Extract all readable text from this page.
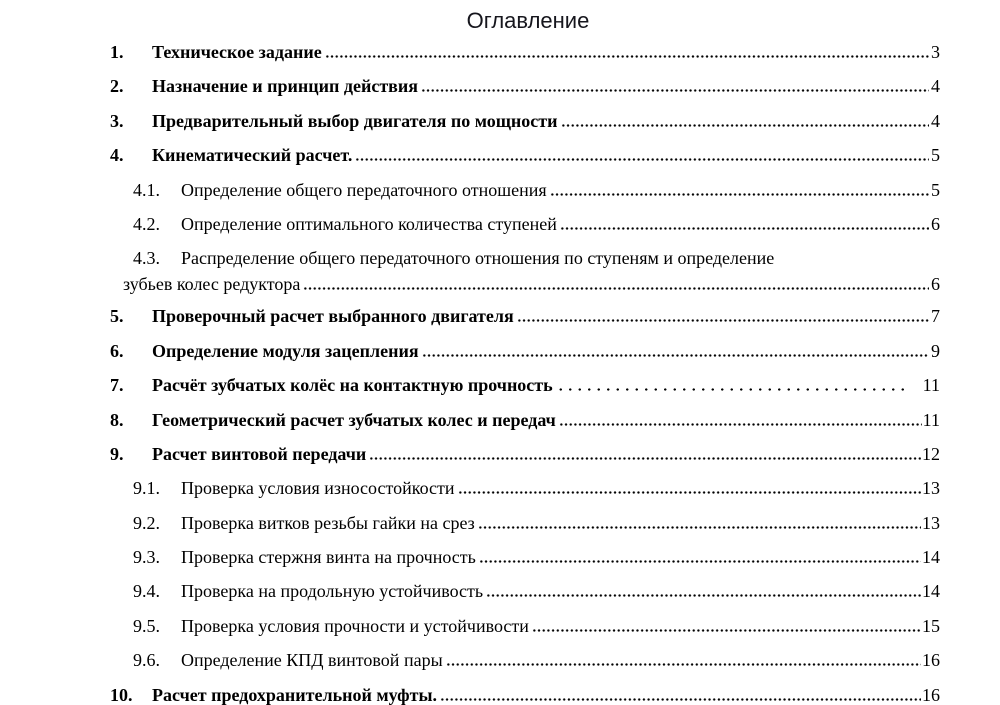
Оглавление
1.	Техническое задание	3
2.	Назначение и принцип действия	4
3.	Предварительный выбор двигателя по мощности	4
4.	Кинематический расчет.	5
4.1.	Определение общего передаточного отношения	5
4.2.	Определение оптимального количества ступеней	6
4.3.	Распределение общего передаточного отношения по ступеням и определение
зубьев колес редуктора	6
5.	Проверочный расчет выбранного двигателя	7
6.	Определение модуля зацепления	9
7.	Расчёт зубчатых колёс на контактную прочность	11
8.	Геометрический расчет зубчатых колес и передач	11
9.	Расчет винтовой передачи	12
9.1.	Проверка условия износостойкости	13
9.2.	Проверка витков резьбы гайки на срез	13
9.3.	Проверка стержня винта на прочность	14
9.4.	Проверка на продольную устойчивость	14
9.5.	Проверка условия прочности и устойчивости	15
9.6.	Определение КПД винтовой пары	16
10.	Расчет предохранительной муфты.	16
